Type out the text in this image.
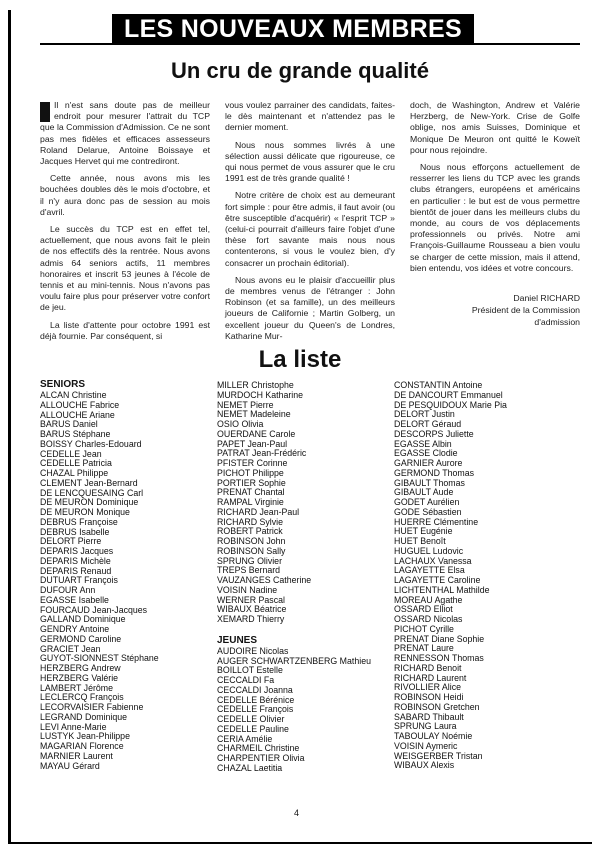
LES NOUVEAUX MEMBRES
Un cru de grande qualité

Il n'est sans doute pas de meilleur endroit pour mesurer l'attrait du TCP que la Commission d'Admission. Ce ne sont pas mes fidèles et efficaces assesseurs Roland Delarue, Antoine Boissaye et Jacques Hervet qui me contrediront.

Cette année, nous avons mis les bouchées doubles dès le mois d'octobre, et il n'y aura donc pas de session au mois d'avril.

Le succès du TCP est en effet tel, actuellement, que nous avons fait le plein de nos effectifs dès la rentrée. Nous avons admis 64 seniors actifs, 11 membres honoraires et inscrit 53 jeunes à l'école de tennis et au mini-tennis. Nous n'avons pas voulu faire plus pour préserver votre confort de jeu.

La liste d'attente pour octobre 1991 est déjà fournie. Par conséquent, si

vous voulez parrainer des candidats, faites-le dès maintenant et n'attendez pas le dernier moment.

Nous nous sommes livrés à une sélection aussi délicate que rigoureuse, ce qui nous permet de vous assurer que le cru 1991 est de très grande qualité !

Notre critère de choix est au demeurant fort simple : pour être admis, il faut avoir (ou être susceptible d'acquérir) « l'esprit TCP » (celui-ci pourrait d'ailleurs faire l'objet d'une thèse fort savante mais nous nous contenterons, si vous le voulez bien, d'y consacrer un prochain éditorial).

Nous avons eu le plaisir d'accueillir plus de membres venus de l'étranger : John Robinson (et sa famille), un des meilleurs joueurs de Californie ; Martin Golberg, un excellent joueur du Queen's de Londres, Katharine Mur-

doch, de Washington, Andrew et Valérie Herzberg, de New-York. Crise de Golfe oblige, nos amis Suisses, Dominique et Monique De Meuron ont quitté le Koweït pour nous rejoindre.

Nous nous efforçons actuellement de resserrer les liens du TCP avec les grands clubs étrangers, européens et américains en particulier : le but est de vous permettre bientôt de jouer dans les meilleurs clubs du monde, au cours de vos déplacements professionnels ou privés. Notre ami François-Guillaume Rousseau a bien voulu se charger de cette mission, mais il attend, bien entendu, vos idées et votre concours.

Daniel RICHARD
Président de la Commission
d'admission
La liste
SENIORS
ALCAN Christine
ALLOUCHE Fabrice
ALLOUCHE Ariane
BARUS Daniel
BARUS Stéphane
BOISSY Charles-Edouard
CEDELLE Jean
CEDELLE Patricia
CHAZAL Philippe
CLEMENT Jean-Bernard
DE LENCQUESAING Carl
DE MEURON Dominique
DE MEURON Monique
DEBRUS Françoise
DEBRUS Isabelle
DELORT Pierre
DEPARIS Jacques
DEPARIS Michèle
DEPARIS Renaud
DUTUART François
DUFOUR Ann
EGASSE Isabelle
FOURCAUD Jean-Jacques
GALLAND Dominique
GENDRY Antoine
GERMOND Caroline
GRACIET Jean
GUYOT-SIONNEST Stéphane
HERZBERG Andrew
HERZBERG Valérie
LAMBERT Jérôme
LECLERCQ François
LECORVAISIER Fabienne
LEGRAND Dominique
LEVI Anne-Marie
LUSTYK Jean-Philippe
MAGARIAN Florence
MARNIER Laurent
MAYAU Gérard
MILLER Christophe
MURDOCH Katharine
NEMET Pierre
NEMET Madeleine
OSIO Olivia
OUERDANE Carole
PAPET Jean-Paul
PATRAT Jean-Frédéric
PFISTER Corinne
PICHOT Philippe
PORTIER Sophie
PRENAT Chantal
RAMPAL Virginie
RICHARD Jean-Paul
RICHARD Sylvie
ROBERT Patrick
ROBINSON John
ROBINSON Sally
SPRUNG Olivier
TREPS Bernard
VAUZANGES Catherine
VOISIN Nadine
WERNER Pascal
WIBAUX Béatrice
XEMARD Thierry
JEUNES
AUDOIRE Nicolas
AUGER SCHWARTZENBERG Mathieu
BOILLOT Estelle
CECCALDI Fa
CECCALDI Joanna
CEDELLE Bérénice
CEDELLE François
CEDELLE Olivier
CEDELLE Pauline
CERIA Amélie
CHARMEIL Christine
CHARPENTIER Olivia
CHAZAL Laetitia
CONSTANTIN Antoine
DE DANCOURT Emmanuel
DE PESQUIDOUX Marie Pia
DELORT Justin
DELORT Géraud
DESCORPS Juliette
EGASSE Albin
EGASSE Clodie
GARNIER Aurore
GERMOND Thomas
GIBAULT Thomas
GIBAULT Aude
GODET Aurélien
GODE Sébastien
HUERRE Clémentine
HUET Eugénie
HUET Benoît
HUGUEL Ludovic
LACHAUX Vanessa
LAGAYETTE Elsa
LAGAYETTE Caroline
LICHTENTHAL Mathilde
MOREAU Agathe
OSSARD Elliot
OSSARD Nicolas
PICHOT Cyrille
PRENAT Diane Sophie
PRENAT Laure
RENNESSON Thomas
RICHARD Benoit
RICHARD Laurent
RIVOLLIER Alice
ROBINSON Heidi
ROBINSON Gretchen
SABARD Thibault
SPRUNG Laura
TABOULAY Noémie
VOISIN Aymeric
WEISGERBER Tristan
WIBAUX Alexis
4
